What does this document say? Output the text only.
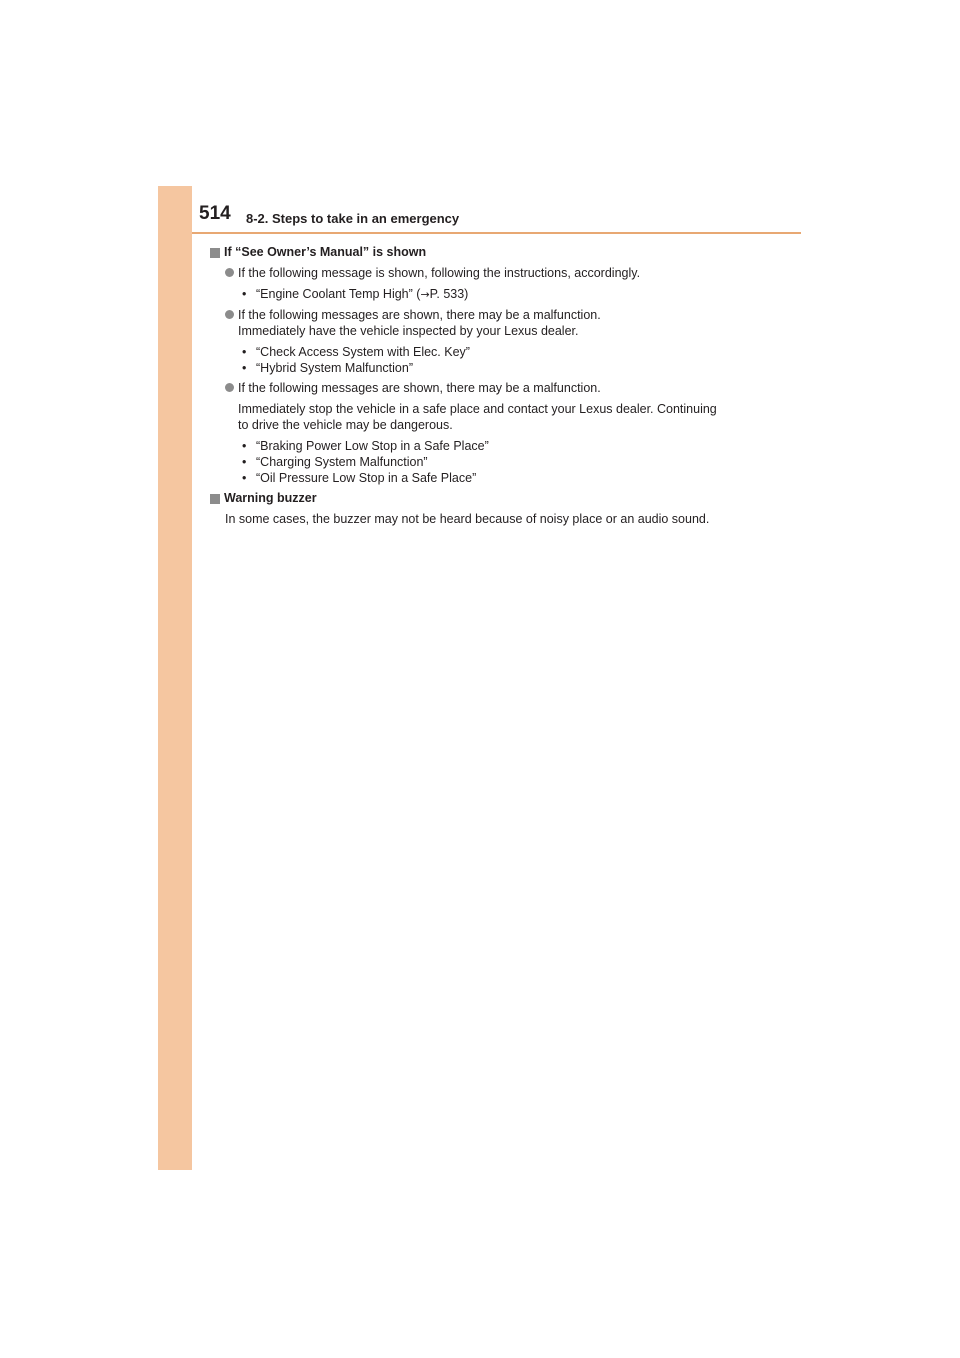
514 8-2. Steps to take in an emergency
If “See Owner’s Manual” is shown
If the following message is shown, following the instructions, accordingly.
• “Engine Coolant Temp High” (→P. 533)
If the following messages are shown, there may be a malfunction.
Immediately have the vehicle inspected by your Lexus dealer.
• “Check Access System with Elec. Key”
• “Hybrid System Malfunction”
If the following messages are shown, there may be a malfunction.
Immediately stop the vehicle in a safe place and contact your Lexus dealer. Continuing
to drive the vehicle may be dangerous.
• “Braking Power Low Stop in a Safe Place”
• “Charging System Malfunction”
• “Oil Pressure Low Stop in a Safe Place”
Warning buzzer
In some cases, the buzzer may not be heard because of noisy place or an audio sound.
